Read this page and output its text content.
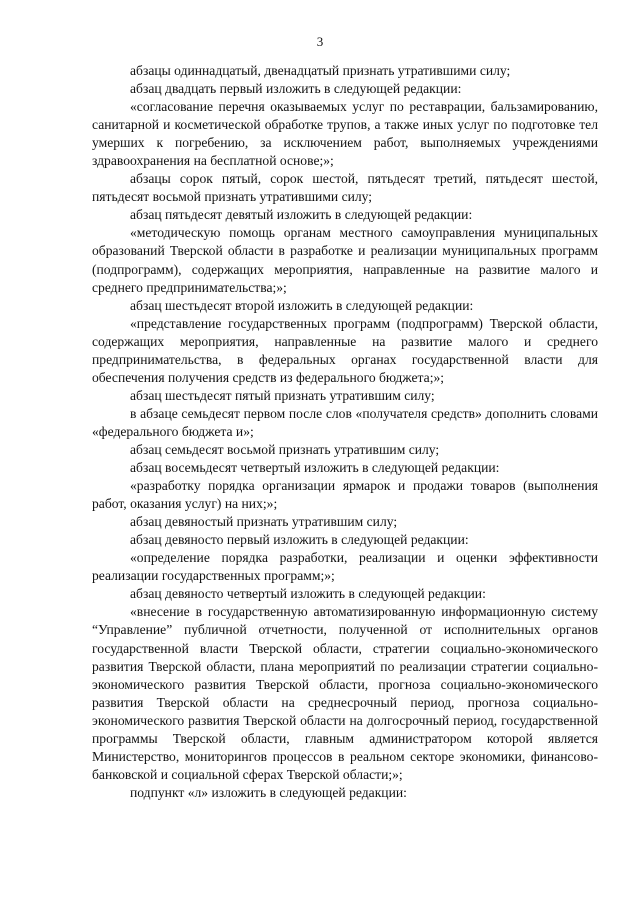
3

абзацы одиннадцатый, двенадцатый признать утратившими силу;

абзац двадцать первый изложить в следующей редакции:

«согласование перечня оказываемых услуг по реставрации, бальзамированию, санитарной и косметической обработке трупов, а также иных услуг по подготовке тел умерших к погребению, за исключением работ, выполняемых учреждениями здравоохранения на бесплатной основе;»;

абзацы сорок пятый, сорок шестой, пятьдесят третий, пятьдесят шестой, пятьдесят восьмой признать утратившими силу;

абзац пятьдесят девятый изложить в следующей редакции:

«методическую помощь органам местного самоуправления муниципальных образований Тверской области в разработке и реализации муниципальных программ (подпрограмм), содержащих мероприятия, направленные на развитие малого и среднего предпринимательства;»;

абзац шестьдесят второй изложить в следующей редакции:

«представление государственных программ (подпрограмм) Тверской области, содержащих мероприятия, направленные на развитие малого и среднего предпринимательства, в федеральных органах государственной власти для обеспечения получения средств из федерального бюджета;»;

абзац шестьдесят пятый признать утратившим силу;

в абзаце семьдесят первом после слов «получателя средств» дополнить словами «федерального бюджета и»;

абзац семьдесят восьмой признать утратившим силу;

абзац восемьдесят четвертый изложить в следующей редакции:

«разработку порядка организации ярмарок и продажи товаров (выполнения работ, оказания услуг) на них;»;

абзац девяностый признать утратившим силу;

абзац девяносто первый изложить в следующей редакции:

«определение порядка разработки, реализации и оценки эффективности реализации государственных программ;»;

абзац девяносто четвертый изложить в следующей редакции:

«внесение в государственную автоматизированную информационную систему “Управление” публичной отчетности, полученной от исполнительных органов государственной власти Тверской области, стратегии социально-экономического развития Тверской области, плана мероприятий по реализации стратегии социально-экономического развития Тверской области, прогноза социально-экономического развития Тверской области на среднесрочный период, прогноза социально-экономического развития Тверской области на долгосрочный период, государственной программы Тверской области, главным администратором которой является Министерство, мониторингов процессов в реальном секторе экономики, финансово-банковской и социальной сферах Тверской области;»;

подпункт «л» изложить в следующей редакции:
